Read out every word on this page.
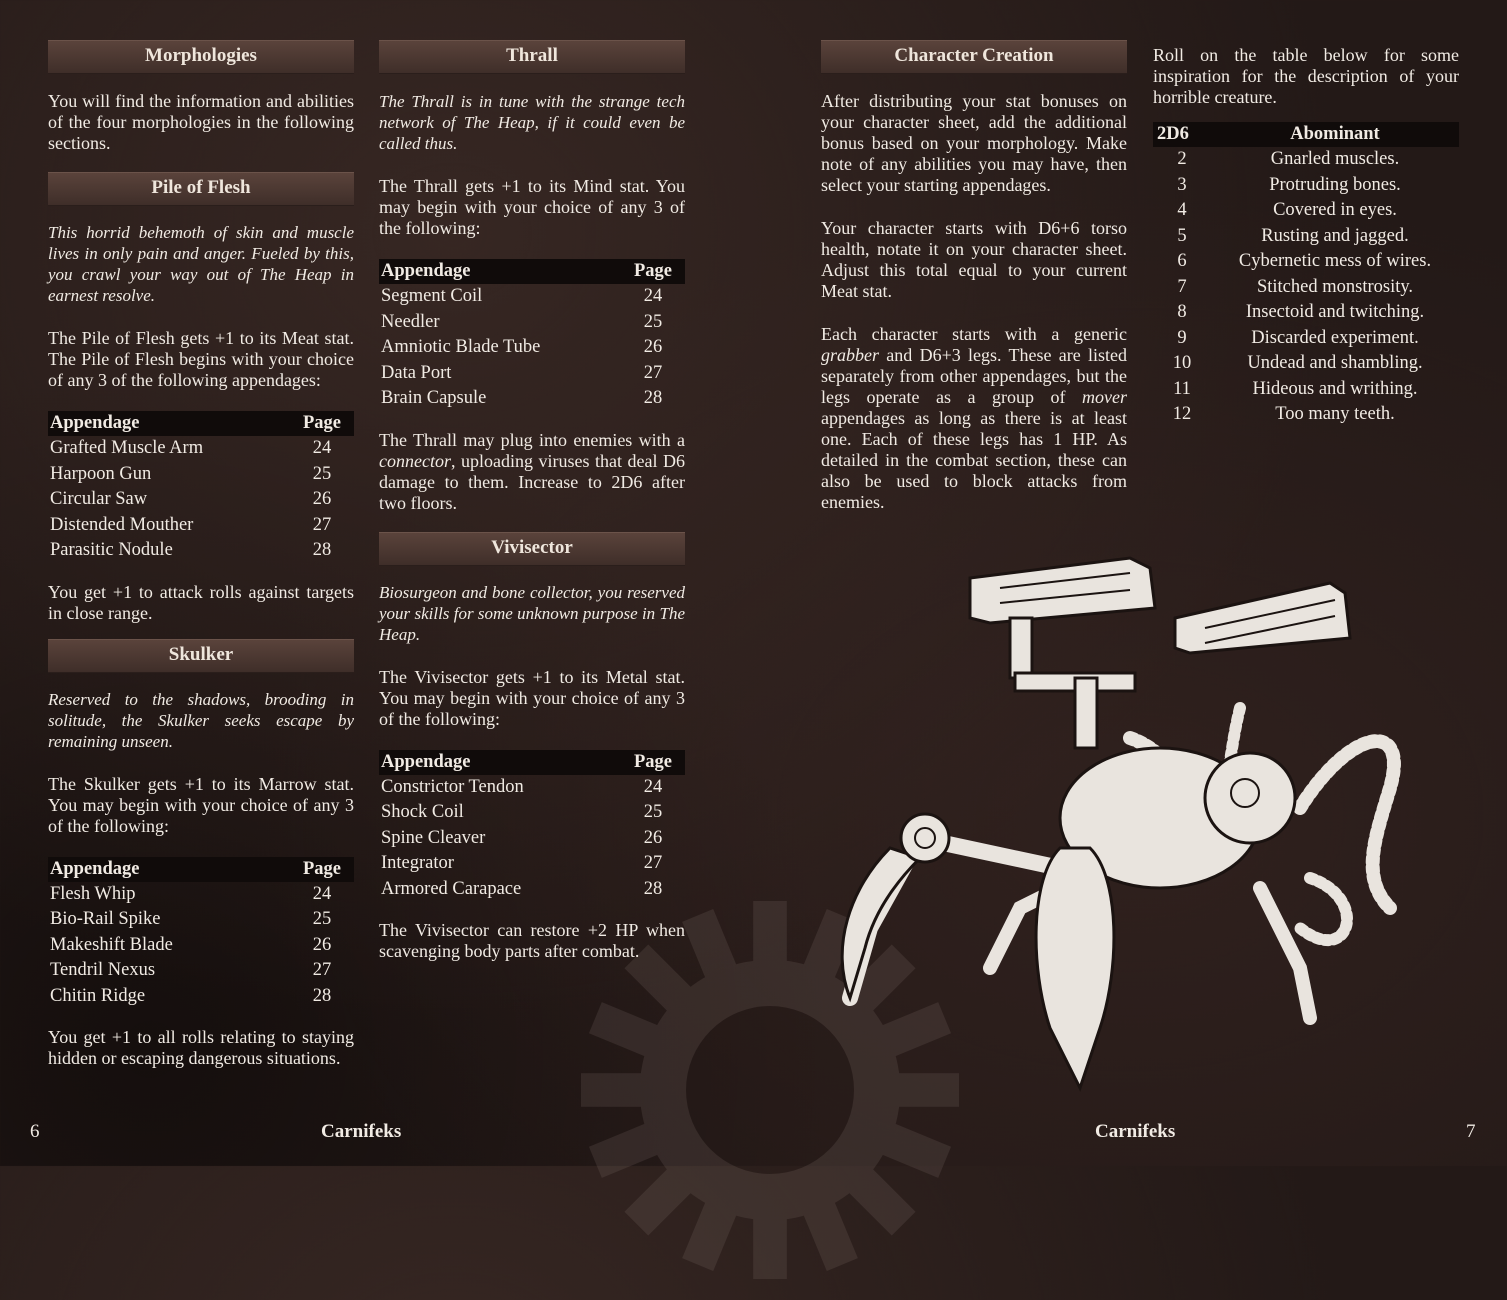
Morphologies

You will find the information and abilities of the four morphologies in the following sections.

Pile of Flesh

This horrid behemoth of skin and muscle lives in only pain and anger. Fueled by this, you crawl your way out of The Heap in earnest resolve.

The Pile of Flesh gets +1 to its Meat stat. The Pile of Flesh begins with your choice of any 3 of the following appendages:

Appendage	Page
Grafted Muscle Arm	24
Harpoon Gun	25
Circular Saw	26
Distended Mouther	27
Parasitic Nodule	28

You get +1 to attack rolls against targets in close range.

Skulker

Reserved to the shadows, brooding in solitude, the Skulker seeks escape by remaining unseen.

The Skulker gets +1 to its Marrow stat. You may begin with your choice of any 3 of the following:

Appendage	Page
Flesh Whip	24
Bio-Rail Spike	25
Makeshift Blade	26
Tendril Nexus	27
Chitin Ridge	28

You get +1 to all rolls relating to staying hidden or escaping dangerous situations.

Thrall

The Thrall is in tune with the strange tech network of The Heap, if it could even be called thus.

The Thrall gets +1 to its Mind stat. You may begin with your choice of any 3 of the following:

Appendage	Page
Segment Coil	24
Needler	25
Amniotic Blade Tube	26
Data Port	27
Brain Capsule	28

The Thrall may plug into enemies with a connector, uploading viruses that deal D6 damage to them. Increase to 2D6 after two floors.

Vivisector

Biosurgeon and bone collector, you reserved your skills for some unknown purpose in The Heap.

The Vivisector gets +1 to its Metal stat. You may begin with your choice of any 3 of the following:

Appendage	Page
Constrictor Tendon	24
Shock Coil	25
Spine Cleaver	26
Integrator	27
Armored Carapace	28

The Vivisector can restore +2 HP when scavenging body parts after combat.

Character Creation

After distributing your stat bonuses on your character sheet, add the additional bonus based on your morphology. Make note of any abilities you may have, then select your starting appendages.

Your character starts with D6+6 torso health, notate it on your character sheet. Adjust this total equal to your current Meat stat.

Each character starts with a generic grabber and D6+3 legs. These are listed separately from other appendages, but the legs operate as a group of mover appendages as long as there is at least one. Each of these legs has 1 HP. As detailed in the combat section, these can also be used to block attacks from enemies.

Roll on the table below for some inspiration for the description of your horrible creature.

2D6	Abominant
2	Gnarled muscles.
3	Protruding bones.
4	Covered in eyes.
5	Rusting and jagged.
6	Cybernetic mess of wires.
7	Stitched monstrosity.
8	Insectoid and twitching.
9	Discarded experiment.
10	Undead and shambling.
11	Hideous and writhing.
12	Too many teeth.
6	Carnifeks	Carnifeks	7
